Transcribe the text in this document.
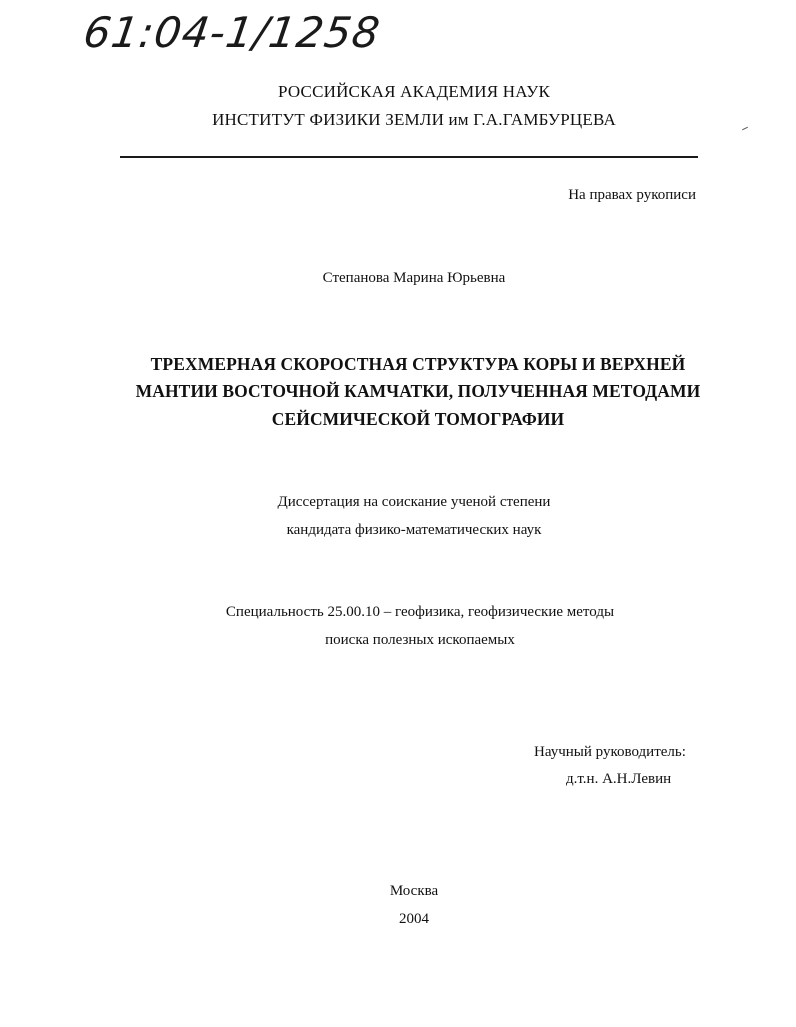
61:04-1/1258
РОССИЙСКАЯ АКАДЕМИЯ НАУК
ИНСТИТУТ ФИЗИКИ ЗЕМЛИ им Г.А.ГАМБУРЦЕВА
На правах рукописи
Степанова Марина Юрьевна
ТРЕХМЕРНАЯ СКОРОСТНАЯ СТРУКТУРА КОРЫ И ВЕРХНЕЙ
МАНТИИ ВОСТОЧНОЙ КАМЧАТКИ, ПОЛУЧЕННАЯ МЕТОДАМИ
СЕЙСМИЧЕСКОЙ ТОМОГРАФИИ
Диссертация на соискание ученой степени
кандидата физико-математических наук
Специальность 25.00.10 – геофизика, геофизические методы
поиска полезных ископаемых
Научный руководитель:
д.т.н. А.Н.Левин
Москва
2004
